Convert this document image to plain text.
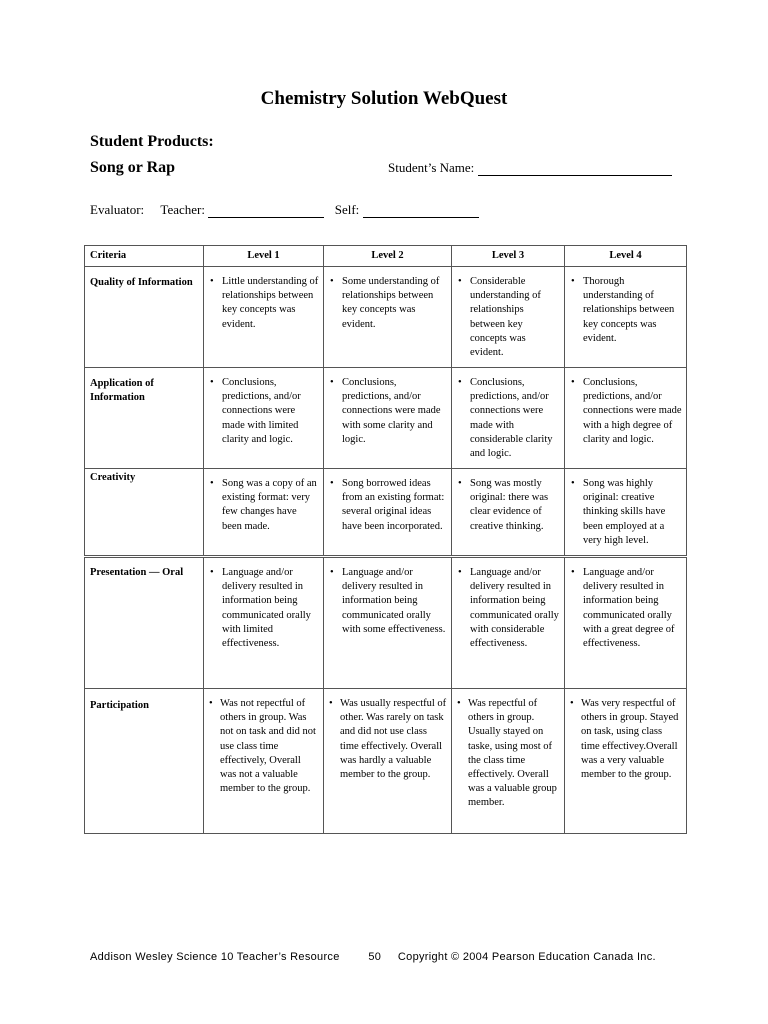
Chemistry Solution WebQuest
Student Products:
Song or Rap	Student’s Name:
Evaluator: Teacher:	Self:
Criteria	Level 1	Level 2	Level 3	Level 4
Quality of Information	• Little understanding of relationships between key concepts was evident.	• Some understanding of relationships between key concepts was evident.	• Considerable understanding of relationships between key concepts was evident.	• Thorough understanding of relationships between key concepts was evident.

Application of Information	• Conclusions, predictions, and/or connections were made with limited clarity and logic.	• Conclusions, predictions, and/or connections were made with some clarity and logic.	• Conclusions, predictions, and/or connections were made with considerable clarity and logic.	• Conclusions, predictions, and/or connections were made with a high degree of clarity and logic.

Creativity	• Song was a copy of an existing format: very few changes have been made.	• Song borrowed ideas from an existing format: several original ideas have been incorporated.	• Song was mostly original: there was clear evidence of creative thinking.	• Song was highly original: creative thinking skills have been employed at a very high level.

Presentation — Oral	• Language and/or delivery resulted in information being communicated orally with limited effectiveness.	• Language and/or delivery resulted in information being communicated orally with some effectiveness.	• Language and/or delivery resulted in information being communicated orally with considerable effectiveness.	• Language and/or delivery resulted in information being communicated orally with a great degree of effectiveness.

Participation	• Was not repectful of others in group. Was not on task and did not use class time effectively, Overall was not a valuable member to the group.	• Was usually respectful of other. Was rarely on task and did not use class time effectively. Overall was hardly a valuable member to the group.	• Was repectful of others in group. Usually stayed on taske, using most of the class time effectively. Overall was a valuable group member.	• Was very respectful of others in group. Stayed on task, using class time effectivey.Overall was a very valuable member to the group.
Addison Wesley Science 10 Teacher’s Resource	50 Copyright © 2004 Pearson Education Canada Inc.
